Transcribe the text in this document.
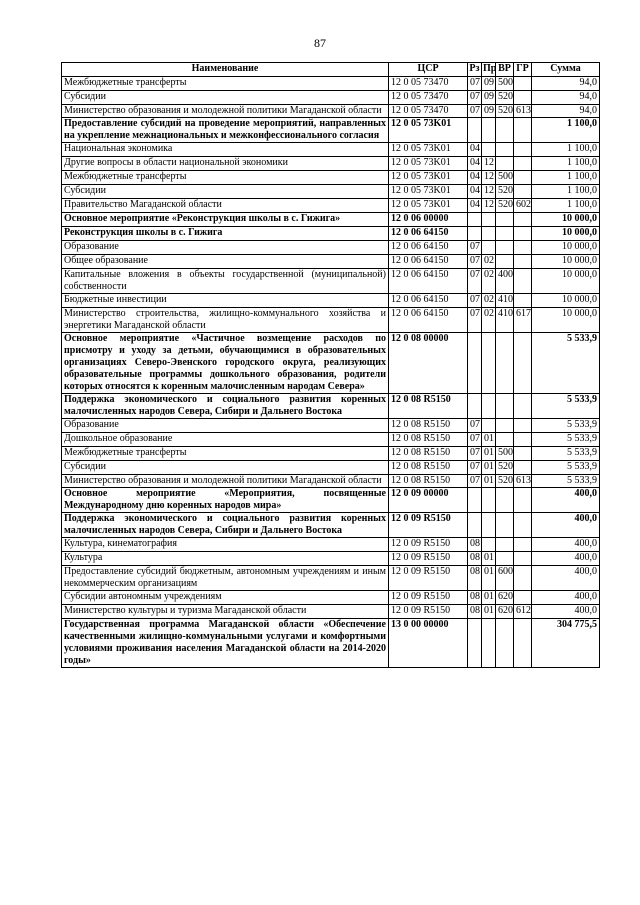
87
Наименование	ЦСР	Рз	Пр	ВР	ГР	Сумма
Межбюджетные трансферты	12 0 05 73470	07	09	500		94,0
Субсидии	12 0 05 73470	07	09	520		94,0
Министерство образования и молодежной политики Магаданской области	12 0 05 73470	07	09	520	613	94,0
Предоставление субсидий на проведение мероприятий, направленных на укрепление межнациональных и межконфессионального согласия	12 0 05 73K01					1 100,0
Национальная экономика	12 0 05 73K01	04				1 100,0
Другие вопросы в области национальной экономики	12 0 05 73K01	04	12			1 100,0
Межбюджетные трансферты	12 0 05 73K01	04	12	500		1 100,0
Субсидии	12 0 05 73K01	04	12	520		1 100,0
Правительство Магаданской области	12 0 05 73K01	04	12	520	602	1 100,0
Основное мероприятие «Реконструкция школы в с. Гижига»	12 0 06 00000					10 000,0
Реконструкция школы в с. Гижига	12 0 06 64150					10 000,0
Образование	12 0 06 64150	07				10 000,0
Общее образование	12 0 06 64150	07	02			10 000,0
Капитальные вложения в объекты государственной (муниципальной) собственности	12 0 06 64150	07	02	400		10 000,0
Бюджетные инвестиции	12 0 06 64150	07	02	410		10 000,0
Министерство строительства, жилищно-коммунального хозяйства и энергетики Магаданской области	12 0 06 64150	07	02	410	617	10 000,0
Основное мероприятие «Частичное возмещение расходов по присмотру и уходу за детьми, обучающимися в образовательных организациях Северо-Эвенского городского округа, реализующих образовательные программы дошкольного образования, родители которых относятся к коренным малочисленным народам Севера»	12 0 08 00000					5 533,9
Поддержка экономического и социального развития коренных малочисленных народов Севера, Сибири и Дальнего Востока	12 0 08 R5150					5 533,9
Образование	12 0 08 R5150	07				5 533,9
Дошкольное образование	12 0 08 R5150	07	01			5 533,9
Межбюджетные трансферты	12 0 08 R5150	07	01	500		5 533,9
Субсидии	12 0 08 R5150	07	01	520		5 533,9
Министерство образования и молодежной политики Магаданской области	12 0 08 R5150	07	01	520	613	5 533,9
Основное мероприятие «Мероприятия, посвященные Международному дню коренных народов мира»	12 0 09 00000					400,0
Поддержка экономического и социального развития коренных малочисленных народов Севера, Сибири и Дальнего Востока	12 0 09 R5150					400,0
Культура, кинематография	12 0 09 R5150	08				400,0
Культура	12 0 09 R5150	08	01			400,0
Предоставление субсидий бюджетным, автономным учреждениям и иным некоммерческим организациям	12 0 09 R5150	08	01	600		400,0
Субсидии автономным учреждениям	12 0 09 R5150	08	01	620		400,0
Министерство культуры и туризма Магаданской области	12 0 09 R5150	08	01	620	612	400,0
Государственная программа Магаданской области «Обеспечение качественными жилищно-коммунальными услугами и комфортными условиями проживания населения Магаданской области на 2014-2020 годы»	13 0 00 00000					304 775,5
